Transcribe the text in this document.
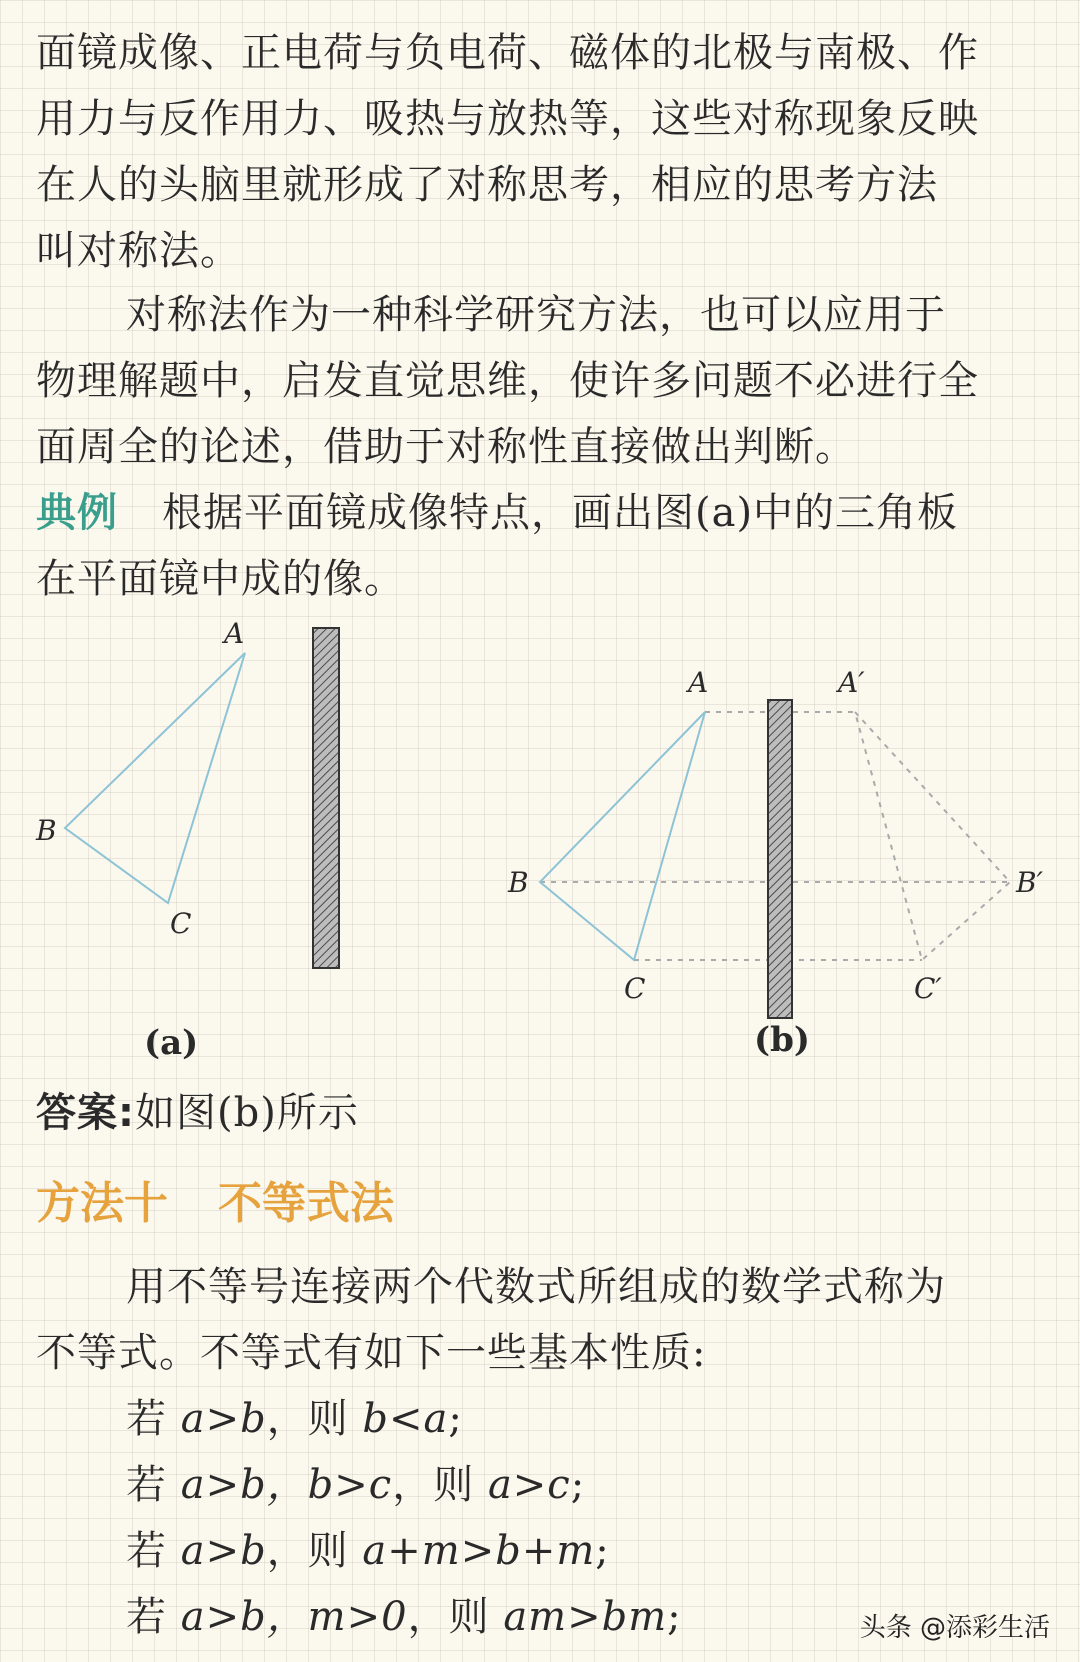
面镜成像、正电荷与负电荷、磁体的北极与南极、作
用力与反作用力、吸热与放热等，这些对称现象反映
在人的头脑里就形成了对称思考，相应的思考方法
叫对称法。
对称法作为一种科学研究方法，也可以应用于
物理解题中，启发直觉思维，使许多问题不必进行全
面周全的论述，借助于对称性直接做出判断。
典例 根据平面镜成像特点，画出图(a)中的三角板
在平面镜中成的像。
A
B
C
(a)
A	A′
B	B′
C	C′
(b)
答案:如图(b)所示
方法十 不等式法
用不等号连接两个代数式所组成的数学式称为
不等式。不等式有如下一些基本性质:
若 a>b，则 b<a;
若 a>b，b>c，则 a>c;
若 a>b，则 a+m>b+m;
若 a>b，m>0，则 am>bm;	头条 @添彩生活
